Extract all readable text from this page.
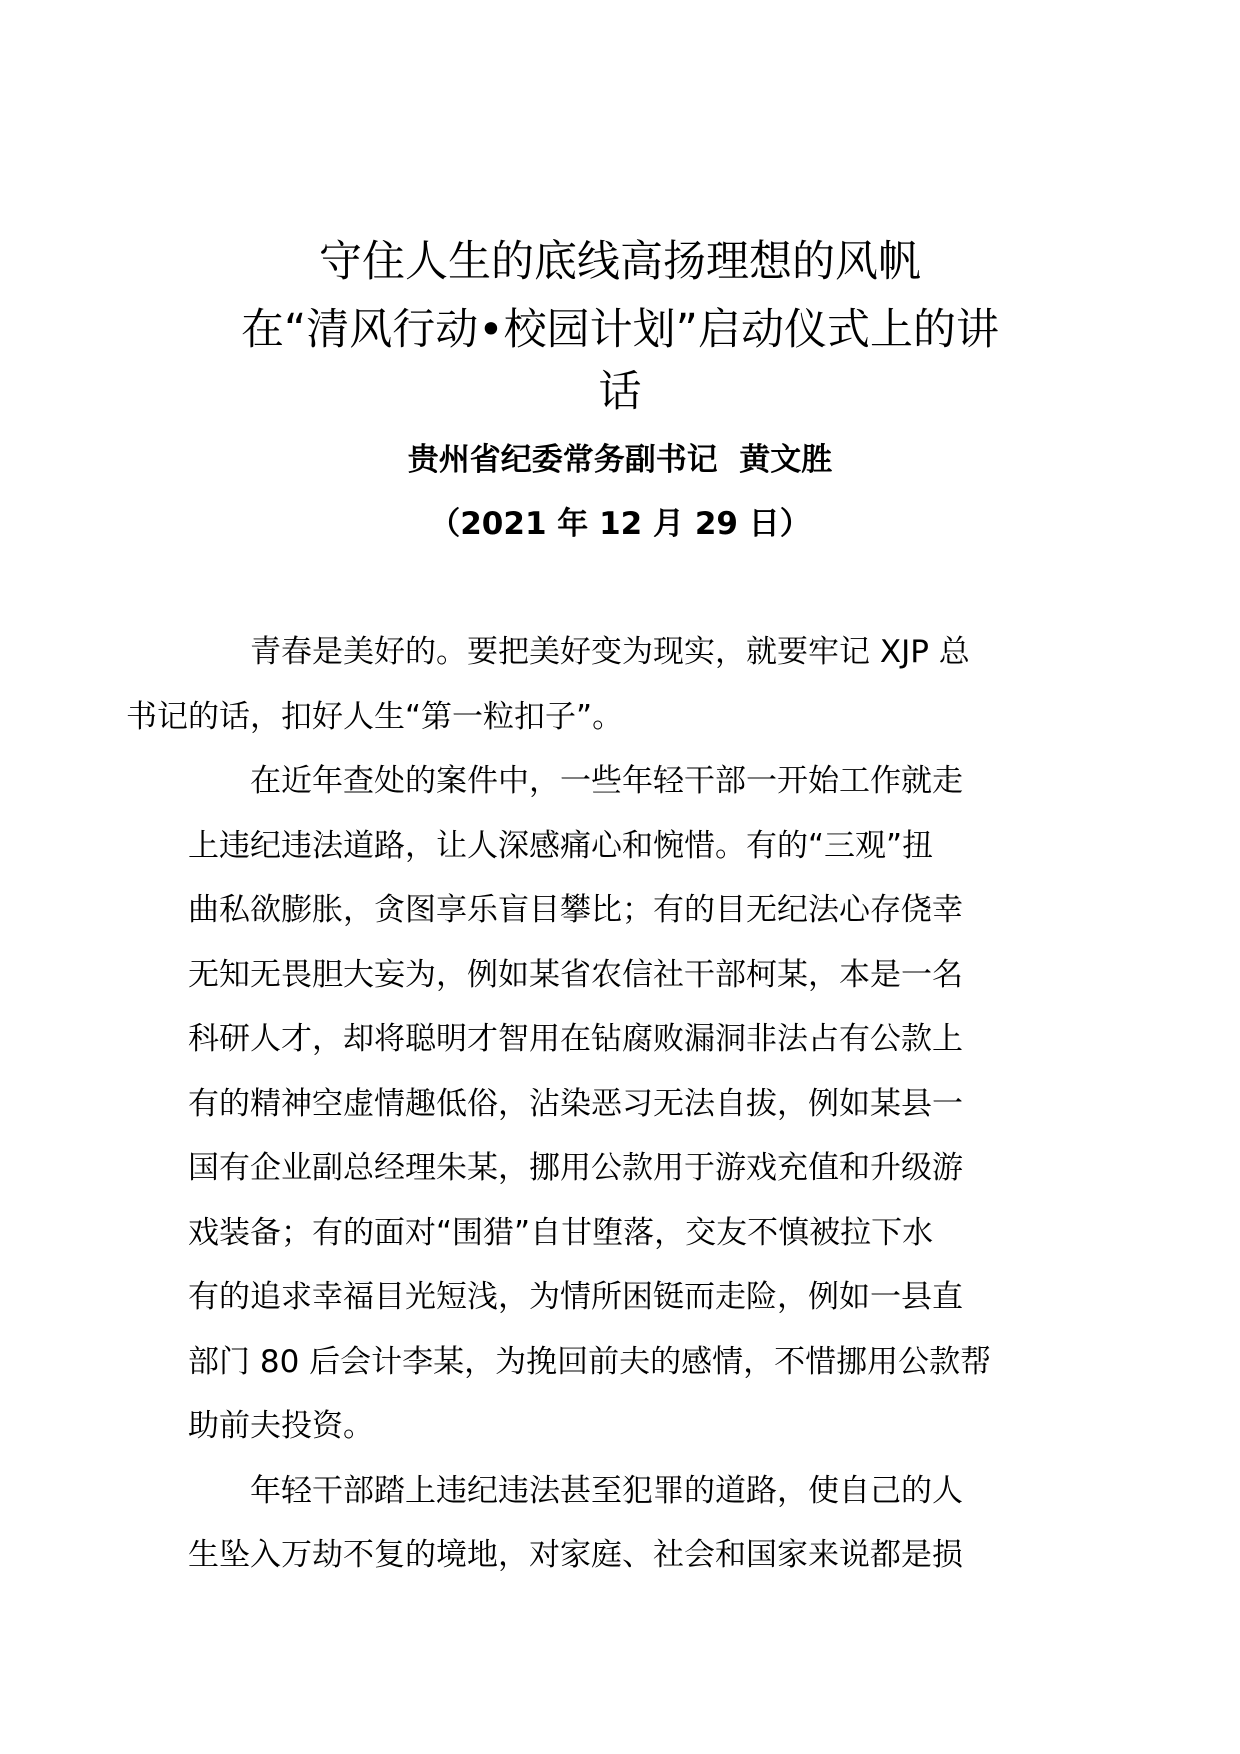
守住人生的底线高扬理想的风帆
在“清风行动•校园计划”启动仪式上的讲
话
贵州省纪委常务副书记  黄文胜
（2021 年 12 月 29 日）

青春是美好的。要把美好变为现实，就要牢记 XJP 总
书记的话，扣好人生“第一粒扣子”。

在近年查处的案件中，一些年轻干部一开始工作就走
上违纪违法道路，让人深感痛心和惋惜。有的“三观”扭
曲私欲膨胀，贪图享乐盲目攀比；有的目无纪法心存侥幸
无知无畏胆大妄为，例如某省农信社干部柯某，本是一名
科研人才，却将聪明才智用在钻腐败漏洞非法占有公款上
有的精神空虚情趣低俗，沾染恶习无法自拔，例如某县一
国有企业副总经理朱某，挪用公款用于游戏充值和升级游
戏装备；有的面对“围猎”自甘堕落，交友不慎被拉下水
有的追求幸福目光短浅，为情所困铤而走险，例如一县直
部门 80 后会计李某，为挽回前夫的感情，不惜挪用公款帮
助前夫投资。

年轻干部踏上违纪违法甚至犯罪的道路，使自己的人
生坠入万劫不复的境地，对家庭、社会和国家来说都是损
